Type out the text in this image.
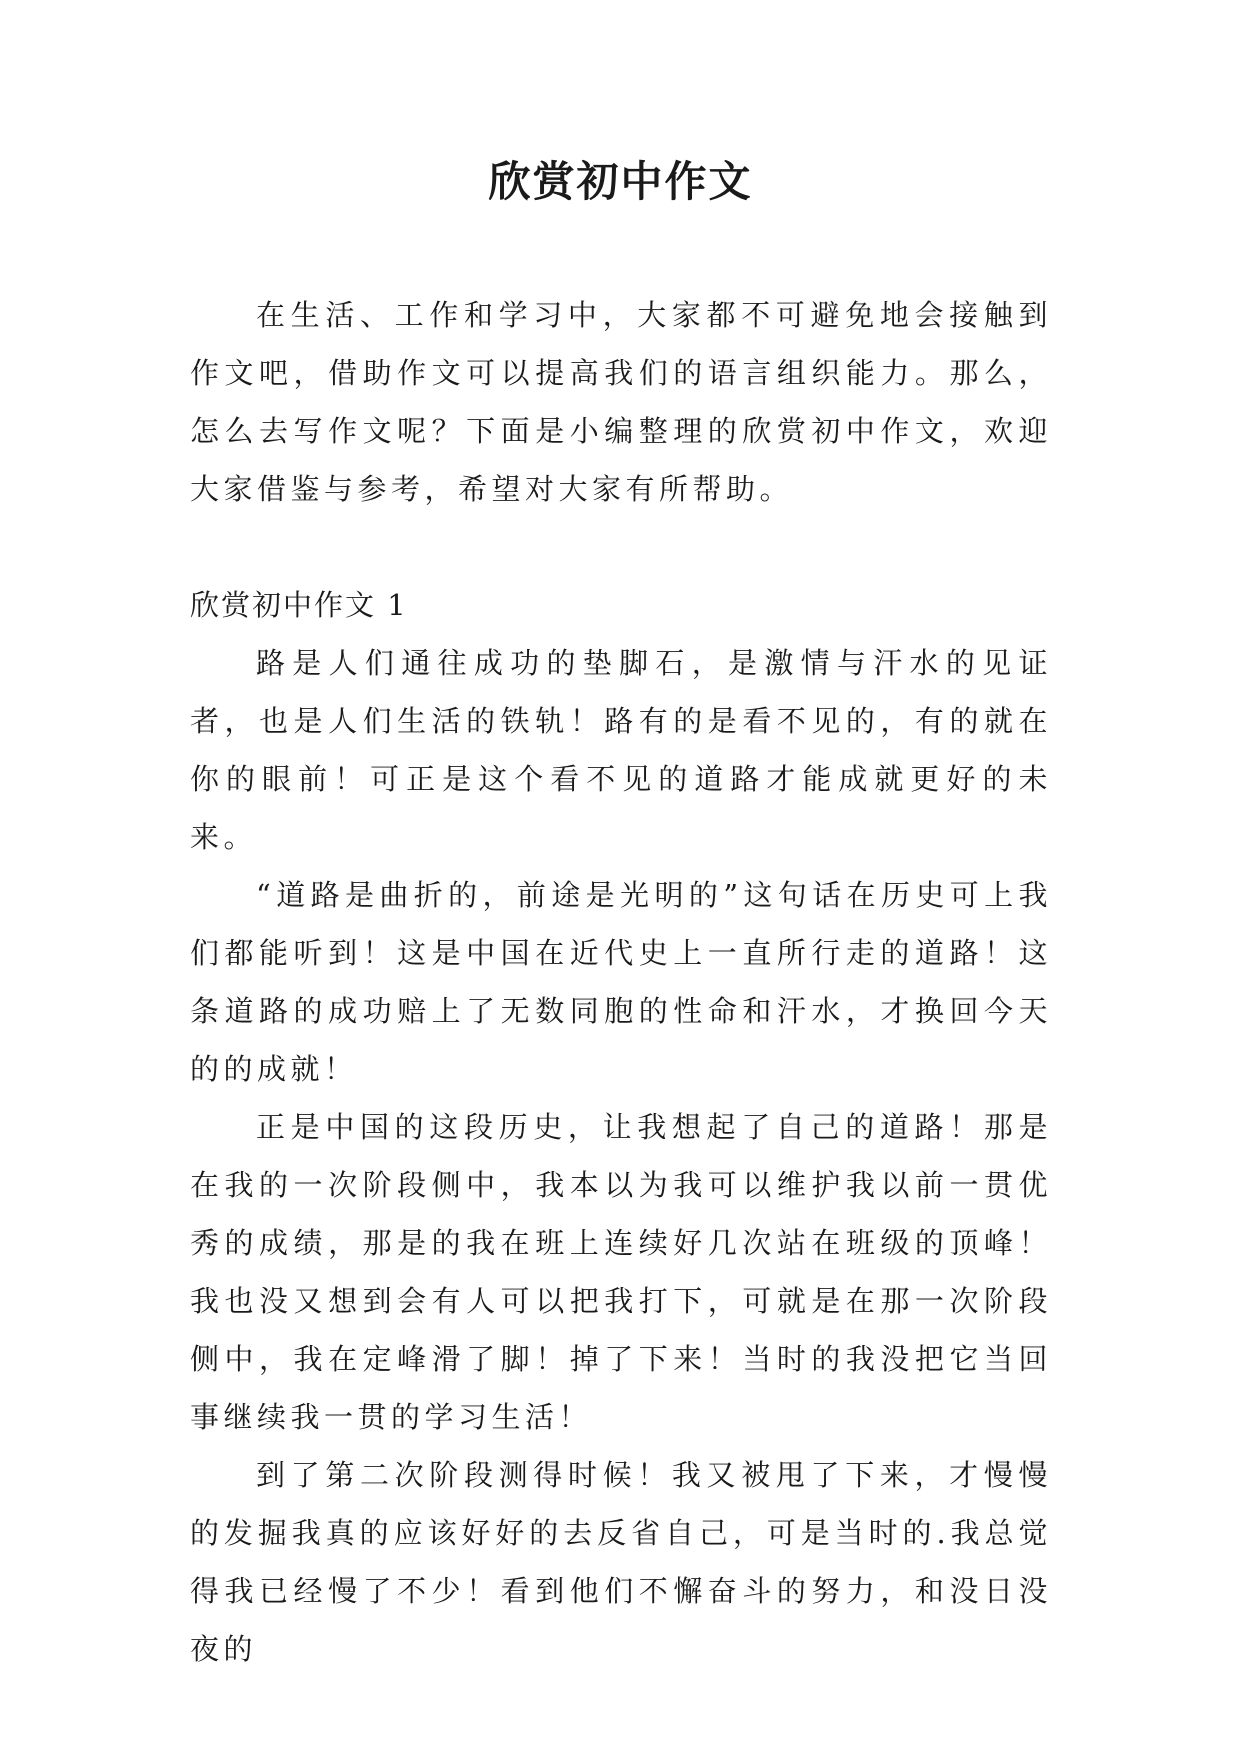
欣赏初中作文

在生活、工作和学习中，大家都不可避免地会接触到作文吧，借助作文可以提高我们的语言组织能力。那么，怎么去写作文呢？下面是小编整理的欣赏初中作文，欢迎大家借鉴与参考，希望对大家有所帮助。

欣赏初中作文 1

路是人们通往成功的垫脚石，是激情与汗水的见证者，也是人们生活的铁轨！路有的是看不见的，有的就在你的眼前！可正是这个看不见的道路才能成就更好的未来。

“道路是曲折的，前途是光明的”这句话在历史可上我们都能听到！这是中国在近代史上一直所行走的道路！这条道路的成功赔上了无数同胞的性命和汗水，才换回今天的的成就！

正是中国的这段历史，让我想起了自己的道路！那是在我的一次阶段侧中，我本以为我可以维护我以前一贯优秀的成绩，那是的我在班上连续好几次站在班级的顶峰！我也没又想到会有人可以把我打下，可就是在那一次阶段侧中，我在定峰滑了脚！掉了下来！当时的我没把它当回事继续我一贯的学习生活！

到了第二次阶段测得时候！我又被甩了下来，才慢慢的发掘我真的应该好好的去反省自己，可是当时的.我总觉得我已经慢了不少！看到他们不懈奋斗的努力，和没日没夜的
